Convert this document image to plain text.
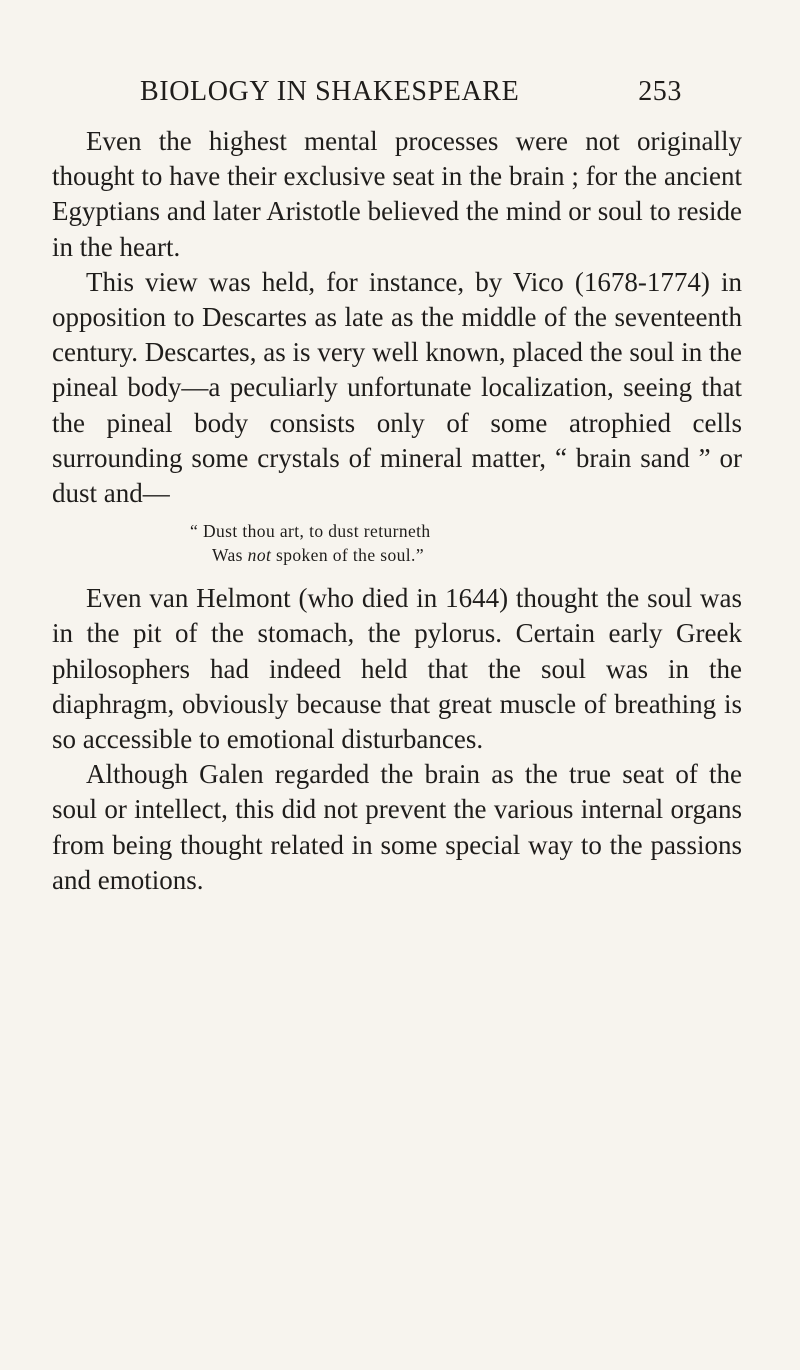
BIOLOGY IN SHAKESPEARE	253

Even the highest mental processes were not originally thought to have their exclusive seat in the brain ; for the ancient Egyptians and later Aristotle believed the mind or soul to reside in the heart.

This view was held, for instance, by Vico (1678-1774) in opposition to Descartes as late as the middle of the seventeenth century. Descartes, as is very well known, placed the soul in the pineal body—a peculiarly unfortunate localization, seeing that the pineal body consists only of some atrophied cells surrounding some crystals of mineral matter, “ brain sand ” or dust and—

“ Dust thou art, to dust returneth
Was not spoken of the soul.”

Even van Helmont (who died in 1644) thought the soul was in the pit of the stomach, the pylorus. Certain early Greek philosophers had indeed held that the soul was in the diaphragm, obviously because that great muscle of breathing is so accessible to emotional disturbances.

Although Galen regarded the brain as the true seat of the soul or intellect, this did not prevent the various internal organs from being thought related in some special way to the passions and emotions.
